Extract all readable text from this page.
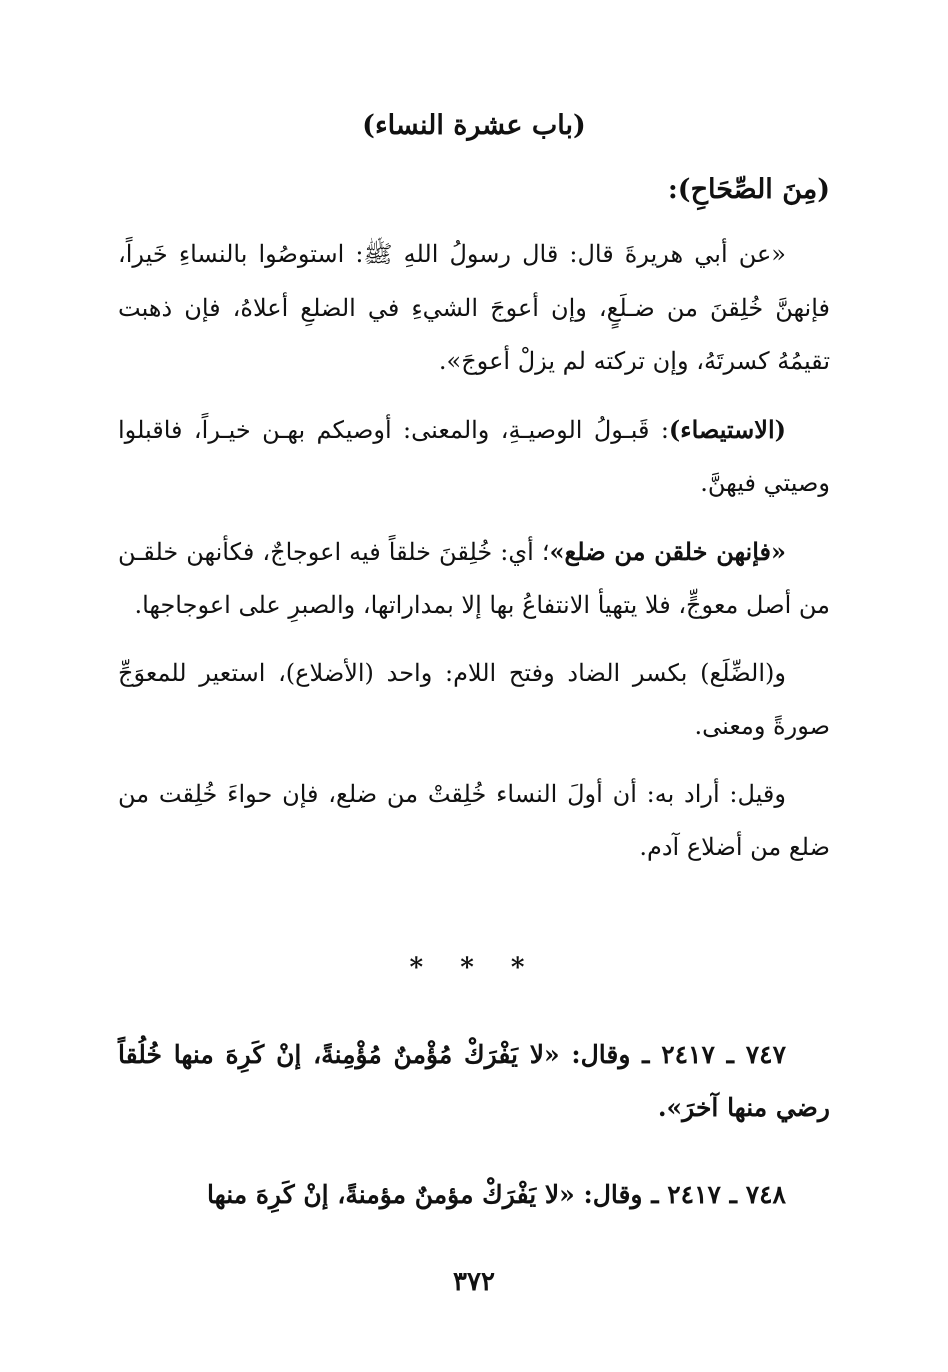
(باب عشرة النساء)
(مِنَ الصِّحَاحِ):

«عن أبي هريرةَ قال: قال رسولُ اللهِ ﷺ: استوصُوا بالنساءِ خَيراً، فإنهنَّ خُلِقنَ من ضـلَعٍ، وإن أعوجَ الشيءِ في الضلعِ أعلاهُ، فإن ذهبت تقيمُهُ كسرتَهُ، وإن تركته لم يزلْ أعوجَ».

(الاستيصاء): قَبـولُ الوصيـةِ، والمعنى: أوصيكم بهـن خيـراً، فاقبلوا وصيتي فيهنَّ.

«فإنهن خلقن من ضلع»؛ أي: خُلِقنَ خلقاً فيه اعوجاجٌ، فكأنهن خلقـن من أصل معوجٍّ، فلا يتهيأ الانتفاعُ بها إلا بمداراتها، والصبرِ على اعوجاجها.

و(الضِّلَع) بكسر الضاد وفتح اللام: واحد (الأضلاع)، استعير للمعوَجِّ صورةً ومعنى.

وقيل: أراد به: أن أولَ النساء خُلِقتْ من ضلع، فإن حواءَ خُلِقت من ضلع من أضلاع آدم.

* * *

٧٤٧ ـ ٢٤١٧ ـ وقال: «لا يَفْرَكْ مُؤْمنٌ مُؤْمِنةً، إنْ كَرِهَ منها خُلُقاً رضي منها آخرَ».

٧٤٨ ـ ٢٤١٧ ـ وقال: «لا يَفْرَكْ مؤمنٌ مؤمنةً، إنْ كَرِهَ منها

٣٧٢
